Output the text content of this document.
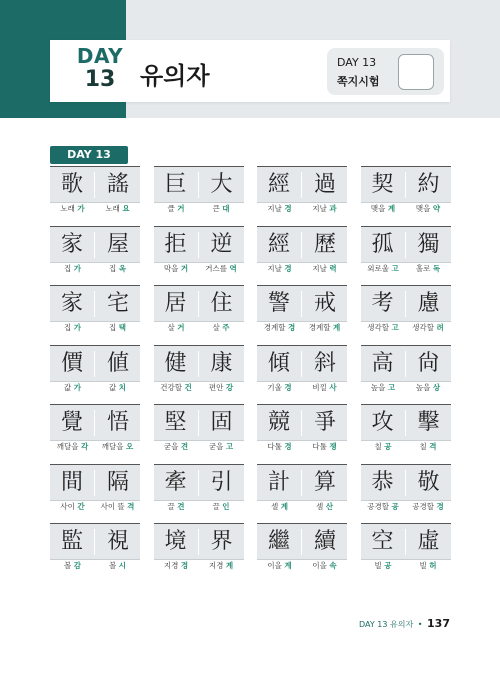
DAY
13	유의자	DAY 13
쪽지시험
DAY 13
歌	謠
노래 가	노래 요
巨	大
클 거	큰 대
經	過
지날 경	지날 과
契	約
맺을 계	맺을 약
家	屋
집 가	집 옥
拒	逆
막을 거	거스를 역
經	歷
지날 경	지날 력
孤	獨
외로울 고	홀로 독
家	宅
집 가	집 택
居	住
살 거	살 주
警	戒
경계할 경	경계할 계
考	慮
생각할 고	생각할 려
價	値
값 가	값 치
健	康
건강할 건	편안 강
傾	斜
기울 경	비낄 사
高	尙
높을 고	높을 상
覺	悟
깨달을 각	깨달을 오
堅	固
굳을 견	굳을 고
競	爭
다툴 경	다툴 쟁
攻	擊
칠 공	칠 격
間	隔
사이 간	사이 뜰 격
牽	引
끌 견	끌 인
計	算
셀 계	셈 산
恭	敬
공경할 공	공경할 경
監	視
볼 감	볼 시
境	界
지경 경	지경 계
繼	續
이을 계	이을 속
空	虛
빌 공	빌 허
DAY 13 유의자 • 137
